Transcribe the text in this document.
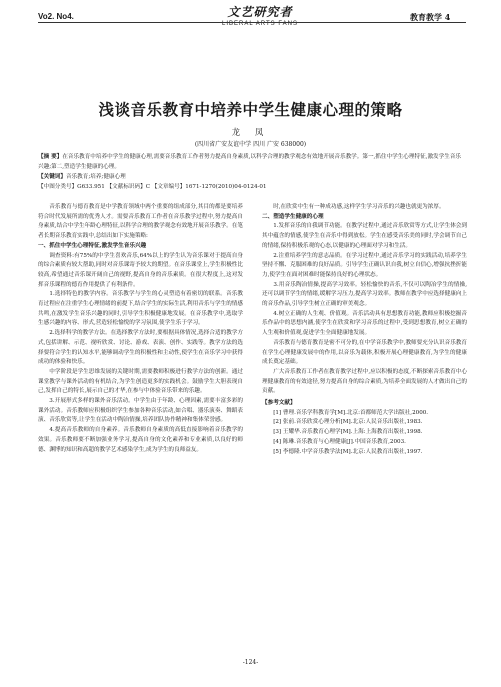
Vo2. No4.	文艺研究者
LIBERAL ARTS FANS
教育教学 4
浅谈音乐教育中培养中学生健康心理的策略
龙 凤
(四川省广安友谊中学 四川 广安 638000)
【摘 要】在音乐教育中培养中学生的健康心理,需要音乐教育工作者努力提高自身素质,以科学合理的教学观念有效地开展音乐教学。第一,抓住中学生心理特征,激发学生音乐兴趣;第二,塑造学生健康的心理。
【关键词】音乐教育;培养;健康心理
【中图分类号】G633.951 【文献标识码】C 【文章编号】1671-1270(2010)04-0124-01

　　音乐教育与德育教育是中学教育领域中两个重要的组成部分,其目的都是要培养符合时代发展所需的优秀人才。需要音乐教育工作者在音乐教学过程中,努力提高自身素质,结合中学生年龄心理特征,以科学合理的教学观念有效地开展音乐教学。在笔者长期音乐教育实践中,总结出如下实施策略:

一、抓住中学生心理特征,激发学生音乐兴趣

　　调查资料:有75%的中学生喜欢音乐,64%以上的学生认为音乐课对于提高自身的综合素质有较大帮助,同时对音乐课寄予较大的期望。在音乐课堂上,学生积极性比较高,希望通过音乐课开阔自己的视野,提高自身的音乐素质。在很大程度上,这对发挥音乐课程的德育作用提供了有利条件。

　　1.选择特色的教学内容。音乐教学与学生的心灵塑造有着密切的联系。音乐教育过程应在注重学生心理情绪的前提下,结合学生的实际生活,利用音乐与学生的情感共鸣,在激发学生音乐兴趣的同时,引导学生积极健康地发展。在音乐教学中,选取学生感兴趣的内容、形式,营造轻松愉悦的学习氛围,使学生乐于学习。

　　2.选择科学的教学方法。在选择教学方法时,要根据具体情况,选择合适的教学方式,包括讲解、示范、视听欣赏、讨论、游戏、表演、创作、实践等。教学方法的选择要符合学生的认知水平,能够调动学生的积极性和主动性,使学生在音乐学习中获得成功的体验和快乐。

　　中学阶段是学生思维发展的关键时期,需要教师积极进行教学方法的创新。通过课堂教学与课外活动的有机结合,为学生创造更多的实践机会。鼓励学生大胆表现自己,发挥自己的特长,展示自己的才华,在参与中体验音乐带来的乐趣。

　　3.开展形式多样的课外音乐活动。中学生由于年龄、心理因素,需要丰富多彩的课外活动。音乐教师应积极组织学生参加各种音乐活动,如合唱、器乐演奏、舞蹈表演、音乐欣赏等,让学生在活动中陶冶情操,培养团队协作精神和集体荣誉感。

　　4.提高音乐教师的自身素养。音乐教师自身素质的高低直接影响着音乐教学的效果。音乐教师要不断加强业务学习,提高自身的文化素养和专业素质,以良好的师德、渊博的知识和高超的教学艺术感染学生,成为学生的良师益友。

　　时,在欣赏中生有一种成功感,这样学生学习音乐的兴趣也就更为浓厚。

二、塑造学生健康的心理

　　1.发挥音乐的自我调节功能。在教学过程中,通过音乐欣赏等方式,让学生体会到其中蕴含的情感,使学生在音乐中得到放松。学生在感受音乐美的同时,学会调节自己的情绪,保持积极乐观的心态,以健康的心理面对学习和生活。

　　2.注重培养学生的意志品质。在学习过程中,通过音乐学习的实践活动,培养学生坚持不懈、克服困难的良好品质。引导学生正确认识自我,树立自信心,增强抗挫折能力,使学生在面对困难时能保持良好的心理状态。

　　3.用音乐陶冶情操,提高学习效率。轻松愉快的音乐,不仅可以陶冶学生的情操,还可以调节学生的情绪,缓解学习压力,提高学习效率。教师在教学中应选择健康向上的音乐作品,引导学生树立正确的审美观念。

　　4.树立正确的人生观、价值观。音乐活动具有思想教育功能,教师应积极挖掘音乐作品中的思想内涵,使学生在欣赏和学习音乐的过程中,受到思想教育,树立正确的人生观和价值观,促进学生全面健康地发展。

　　音乐教育与德育教育是密不可分的,在中学音乐教学中,教师要充分认识音乐教育在学生心理健康发展中的作用,以音乐为载体,积极开展心理健康教育,为学生的健康成长奠定基础。

　　广大音乐教育工作者在教育教学过程中,应以积极的态度,不断探索音乐教育中心理健康教育的有效途径,努力提高自身的综合素质,为培养全面发展的人才做出自己的贡献。

【参考文献】

　　[1] 曹理.音乐学科教育学[M].北京:首都师范大学出版社,2000.

　　[2] 张前.音乐欣赏心理分析[M].北京:人民音乐出版社,1983.

　　[3] 王耀华.音乐教育心理学[M].上海:上海教育出版社,1998.

　　[4] 陈琳.音乐教育与心理健康[J].中国音乐教育,2003.

　　[5] 李德隆.中学音乐教学法[M].北京:人民教育出版社,1997.

-124-
